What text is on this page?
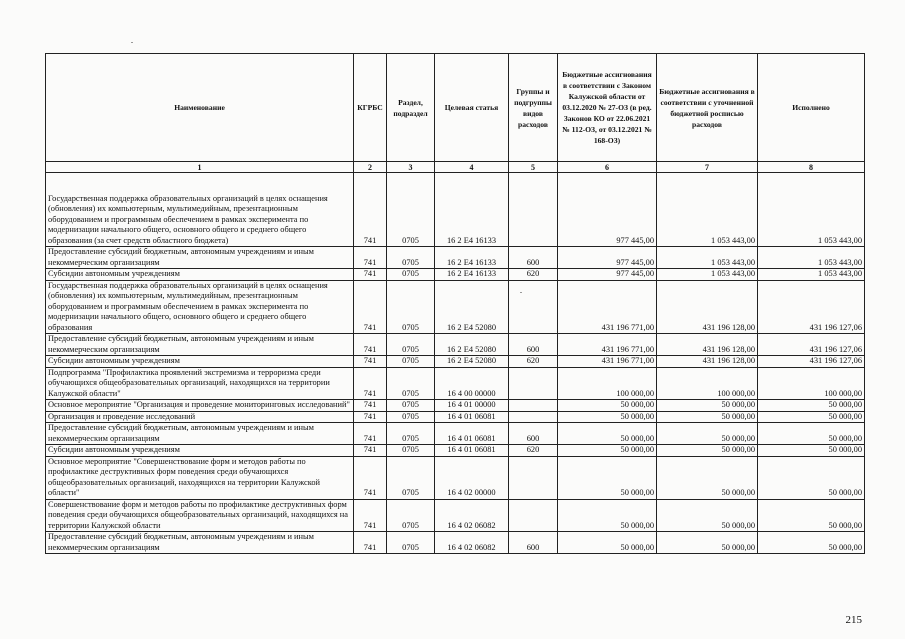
Наименование	КГРБС	Раздел, подраздел	Целевая статья	Группы и подгруппы видов расходов	Бюджетные ассигнования в соответствии с Законом Калужской области от 03.12.2020 № 27-ОЗ (в ред. Законов КО от 22.06.2021 № 112-ОЗ, от 03.12.2021 № 168-ОЗ)	Бюджетные ассигнования в соответствии с уточненной бюджетной росписью расходов	Исполнено
1	2	3	4	5	6	7	8
Государственная поддержка образовательных организаций в целях оснащения (обновления) их компьютерным, мультимедийным, презентационным оборудованием и программным обеспечением в рамках эксперимента по модернизации начального общего, основного общего и среднего общего образования (за счет средств областного бюджета)	741	0705	16 2 E4 16133		977 445,00	1 053 443,00	1 053 443,00
Предоставление субсидий бюджетным, автономным учреждениям и иным некоммерческим организациям	741	0705	16 2 E4 16133	600	977 445,00	1 053 443,00	1 053 443,00
Субсидии автономным учреждениям	741	0705	16 2 E4 16133	620	977 445,00	1 053 443,00	1 053 443,00
Государственная поддержка образовательных организаций в целях оснащения (обновления) их компьютерным, мультимедийным, презентационным оборудованием и программным обеспечением в рамках эксперимента по модернизации начального общего, основного общего и среднего общего образования	741	0705	16 2 E4 52080		431 196 771,00	431 196 128,00	431 196 127,06
Предоставление субсидий бюджетным, автономным учреждениям и иным некоммерческим организациям	741	0705	16 2 E4 52080	600	431 196 771,00	431 196 128,00	431 196 127,06
Субсидии автономным учреждениям	741	0705	16 2 E4 52080	620	431 196 771,00	431 196 128,00	431 196 127,06
Подпрограмма "Профилактика проявлений экстремизма и терроризма среди обучающихся общеобразовательных организаций, находящихся на территории Калужской области"	741	0705	16 4 00 00000		100 000,00	100 000,00	100 000,00
Основное мероприятие "Организация и проведение мониторинговых исследований"	741	0705	16 4 01 00000		50 000,00	50 000,00	50 000,00
Организация и проведение исследований	741	0705	16 4 01 06081		50 000,00	50 000,00	50 000,00
Предоставление субсидий бюджетным, автономным учреждениям и иным некоммерческим организациям	741	0705	16 4 01 06081	600	50 000,00	50 000,00	50 000,00
Субсидии автономным учреждениям	741	0705	16 4 01 06081	620	50 000,00	50 000,00	50 000,00
Основное мероприятие "Совершенствование форм и методов работы по профилактике деструктивных форм поведения среди обучающихся общеобразовательных организаций, находящихся на территории Калужской области"	741	0705	16 4 02 00000		50 000,00	50 000,00	50 000,00
Совершенствование форм и методов работы по профилактике деструктивных форм поведения среди обучающихся общеобразовательных организаций, находящихся на территории Калужской области	741	0705	16 4 02 06082		50 000,00	50 000,00	50 000,00
Предоставление субсидий бюджетным, автономным учреждениям и иным некоммерческим организациям	741	0705	16 4 02 06082	600	50 000,00	50 000,00	50 000,00
215
